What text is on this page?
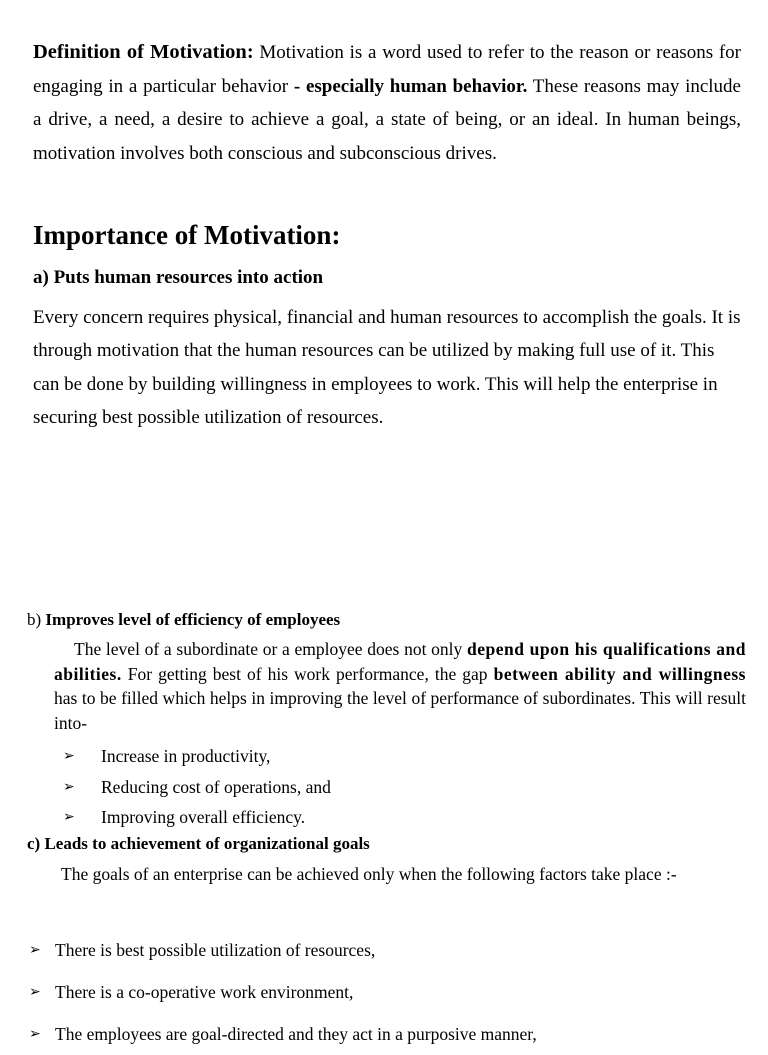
Definition of Motivation: Motivation is a word used to refer to the reason or reasons for engaging in a particular behavior - especially human behavior. These reasons may include a drive, a need, a desire to achieve a goal, a state of being, or an ideal. In human beings, motivation involves both conscious and subconscious drives.

Importance of Motivation:
a) Puts human resources into action

Every concern requires physical, financial and human resources to accomplish the goals. It is through motivation that the human resources can be utilized by making full use of it. This can be done by building willingness in employees to work. This will help the enterprise in securing best possible utilization of resources.

b) Improves level of efficiency of employees

The level of a subordinate or a employee does not only depend upon his qualifications and abilities. For getting best of his work performance, the gap between ability and willingness has to be filled which helps in improving the level of performance of subordinates. This will result into-

➢ Increase in productivity,
➢ Reducing cost of operations, and
➢ Improving overall efficiency.
c) Leads to achievement of organizational goals

The goals of an enterprise can be achieved only when the following factors take place :-

➢ There is best possible utilization of resources,
➢ There is a co-operative work environment,
➢ The employees are goal-directed and they act in a purposive manner,
